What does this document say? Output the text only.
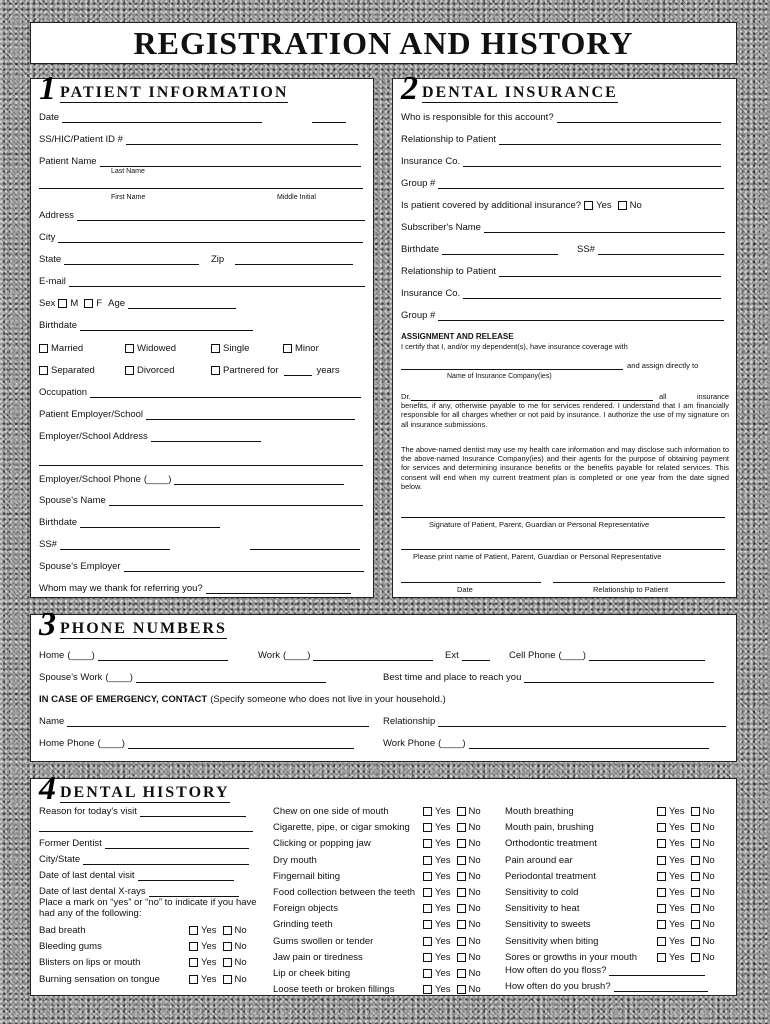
REGISTRATION AND HISTORY
1 PATIENT INFORMATION
Date
SS/HIC/Patient ID #
Patient Name
Last Name
First Name	Middle Initial
Address
City
State	Zip
E-mail
Sex	M F Age
Birthdate
Married	Widowed	Single	Minor
Separated	Divorced	Partnered for	years
Occupation
Patient Employer/School
Employer/School Address
Employer/School Phone (____)
Spouse's Name
Birthdate
SS#
Spouse's Employer
Whom may we thank for referring you?
2 DENTAL INSURANCE
Who is responsible for this account?
Relationship to Patient
Insurance Co.
Group #
Is patient covered by additional insurance?	Yes No
Subscriber's Name
Birthdate	SS#
Relationship to Patient
Insurance Co.
Group #
ASSIGNMENT AND RELEASE
I certify that I, and/or my dependent(s), have insurance coverage with
and assign directly to
Name of Insurance Company(ies)
Dr.	all insurance benefits, if any, otherwise payable to me for services rendered. I understand that I am financially responsible for all charges whether or not paid by insurance. I authorize the use of my signature on all insurance submissions.
The above-named dentist may use my health care information and may disclose such information to the above-named Insurance Company(ies) and their agents for the purpose of obtaining payment for services and determining insurance benefits or the benefits payable for related services. This consent will end when my current treatment plan is completed or one year from the date signed below.
Signature of Patient, Parent, Guardian or Personal Representative
Please print name of Patient, Parent, Guardian or Personal Representative
Date	Relationship to Patient
3 PHONE NUMBERS
Home (____)	Work (____)	Ext	Cell Phone (____)
Spouse's Work (____)	Best time and place to reach you
IN CASE OF EMERGENCY, CONTACT (Specify someone who does not live in your household.)
Name	Relationship
Home Phone (____)	Work Phone (____)
4 DENTAL HISTORY
Reason for today's visit
Former Dentist
City/State
Date of last dental visit
Date of last dental X-rays
Place a mark on “yes” or “no” to indicate if you have had any of the following:
Bad breath	Yes No
Bleeding gums	Yes No
Blisters on lips or mouth	Yes No
Burning sensation on tongue	Yes No
Chew on one side of mouth	Yes No
Cigarette, pipe, or cigar smoking	Yes No
Clicking or popping jaw	Yes No
Dry mouth	Yes No
Fingernail biting	Yes No
Food collection between the teeth	Yes No
Foreign objects	Yes No
Grinding teeth	Yes No
Gums swollen or tender	Yes No
Jaw pain or tiredness	Yes No
Lip or cheek biting	Yes No
Loose teeth or broken fillings	Yes No
Mouth breathing	Yes No
Mouth pain, brushing	Yes No
Orthodontic treatment	Yes No
Pain around ear	Yes No
Periodontal treatment	Yes No
Sensitivity to cold	Yes No
Sensitivity to heat	Yes No
Sensitivity to sweets	Yes No
Sensitivity when biting	Yes No
Sores or growths in your mouth	Yes No
How often do you floss?
How often do you brush?
